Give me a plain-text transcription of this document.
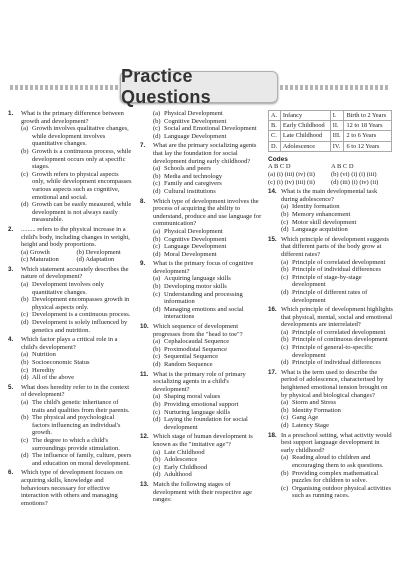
Practice Questions
1.	What is the primary difference between growth and development?
(a) Growth involves qualitative changes, while development involves quantitative changes.
(b) Growth is a continuous process, while development occurs only at specific stages.
(c) Growth refers to physical aspects only, while development encompasses various aspects such as cognitive, emotional and social.
(d) Growth can be easily measured, while development is not always easily measurable.
2.	......... refers to the physical increase in a child's body, including changes in weight, height and body proportions.
(a) Growth	(b) Development
(c) Maturation	(d) Adaptation
3.	Which statement accurately describes the nature of development?
(a) Development involves only quantitative changes.
(b) Development encompasses growth in physical aspects only.
(c) Development is a continuous process.
(d) Development is solely influenced by genetics and nutrition.
4.	Which factor plays a critical role in a child's development?
(a) Nutrition
(b) Socioeconomic Status
(c) Heredity
(d) All of the above
5.	What does heredity refer to in the context of development?
(a) The child's genetic inheritance of traits and qualities from their parents.
(b) The physical and psychological factors influencing an individual's growth.
(c) The degree to which a child's surroundings provide stimulation.
(d) The influence of family, culture, peers and education on moral development.
6.	Which type of development focuses on acquiring skills, knowledge and behaviours necessary for effective interaction with others and managing emotions?
(a) Physical Development
(b) Cognitive Development
(c) Social and Emotional Development
(d) Language Development
7.	What are the primary socializing agents that lay the foundation for social development during early childhood?
(a) Schools and peers
(b) Media and technology
(c) Family and caregivers
(d) Cultural institutions
8.	Which type of development involves the process of acquiring the ability to understand, produce and use language for communication?
(a) Physical Development
(b) Cognitive Development
(c) Language Development
(d) Moral Development
9.	What is the primary focus of cognitive development?
(a) Acquiring language skills
(b) Developing motor skills
(c) Understanding and processing information
(d) Managing emotions and social interactions
10. Which sequence of development progresses from the "head to toe"?
(a) Cephalocaudal Sequence
(b) Proximodistal Sequence
(c) Sequential Sequence
(d) Random Sequence
11. What is the primary role of primary socializing agents in a child's development?
(a) Shaping moral values
(b) Providing emotional support
(c) Nurturing language skills
(d) Laying the foundation for social development
12. Which stage of human development is known as the "imitative age"?
(a) Late Childhood
(b) Adolescence
(c) Early Childhood
(d) Adulthood
13. Match the following stages of development with their respective age ranges:
A.	Infancy	I.	Birth to 2 Years
B.	Early Childhood	II.	12 to 18 Years
C.	Late Childhood	III.	2 to 6 Years
D.	Adolescence	IV.	6 to 12 Years
Codes
A B C D	A B C D
(a) (i) (iii) (iv) (ii)	(b) (vi) (i) (i) (iii)
(c) (i) (iv) (iii) (ii)	(d) (iii) (i) (iv) (ii)
14. What is the main developmental task during adolescence?
(a) Identity formation
(b) Memory enhancement
(c) Motor skill development
(d) Language acquisition
15. Which principle of development suggests that different parts of the body grow at different rates?
(a) Principle of correlated development
(b) Principle of individual differences
(c) Principle of stage-by-stage development
(d) Principle of different rates of development
16. Which principle of development highlights that physical, mental, social and emotional developments are interrelated?
(a) Principle of correlated development
(b) Principle of continuous development
(c) Principle of general-to-specific development
(d) Principle of individual differences
17. What is the term used to describe the period of adolescence, characterised by heightened emotional tension brought on by physical and biological changes?
(a) Storm and Stress
(b) Identity Formation
(c) Gang Age
(d) Latency Stage
18. In a preschool setting, what activity would best support language development in early childhood?
(a) Reading aloud to children and encouraging them to ask questions.
(b) Providing complex mathematical puzzles for children to solve.
(c) Organising outdoor physical activities such as running races.
